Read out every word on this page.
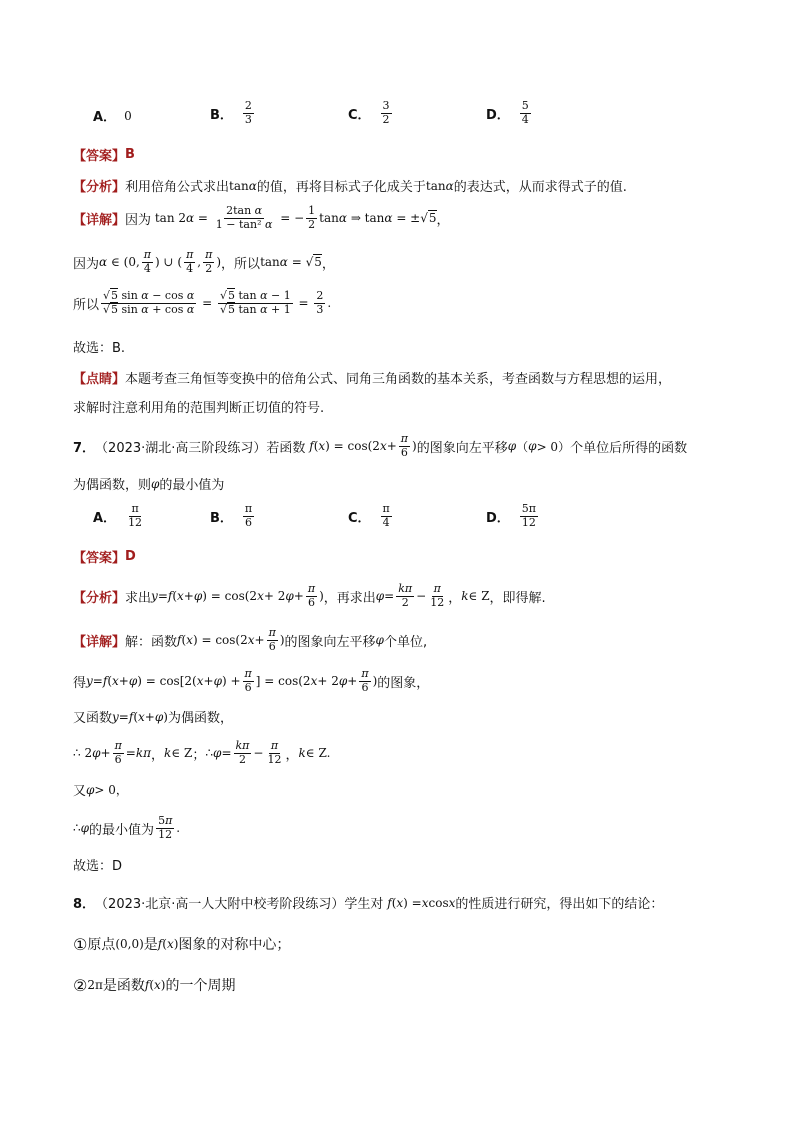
A． 0	B． $\frac{2}{3}$	C． $\frac{3}{2}$	D． $\frac{5}{4}$
【答案】 B
【分析】 利用倍角公式求出 tan α 的值，再将目标式子化成关于 tan α 的表达式，从而求得式子的值.
【详解】 因为 tan 2 $\alpha = \frac{\text{2tan α}}{\text{1 − tan² α}}$ = − $\frac{1}{2}$ tan α ⇒ tan α = ±√5 ，
因为 α ∈ (0, $\frac{\pi}{4}$ ) ∪ ( $\frac{\pi}{4}$ , $\frac{\pi}{2}$ ) ，所以 tan α = √5 ，
所以 $\frac{\text{√5 sin α − cos α}}{\text{√5 sin α + cos α}} = \frac{\text{√5 tan α − 1}}{\text{√5 tan α + 1}} = \frac{2}{3}$ .
故选：B.
【点睛】 本题考查三角恒等变换中的倍角公式、同角三角函数的基本关系，考查函数与方程思想的运用，
求解时注意利用角的范围判断正切值的符号.
7． （2023·湖北·高三阶段练习） 若函数 f ( x ) = cos(2 $x + \frac{\pi}{6}$ ) 的图象向左平移 φ （ φ > 0） 个单位后所得的函数
为偶函数，则 φ 的最小值为
A． $\frac{\pi}{12}$	B． $\frac{\pi}{6}$	C． $\frac{\pi}{4}$	D． $\frac{5\pi}{12}$
【答案】 D
【分析】 求出 y = f ( x + φ ) = cos(2 x + 2 $\varphi + \frac{\pi}{6}$ ) ，再求出 $\varphi = \frac{k\pi}{2} - \frac{\pi}{12}$ ， k ∈ Z ，即得解.
【详解】 解：函数 f ( x ) = cos(2 $x + \frac{\pi}{6}$ ) 的图象向左平移 φ 个单位,
得 y = f ( x + φ ) = cos[2( x + φ ) + $\frac{\pi}{6}$ ] = cos(2 x + 2 $\varphi + \frac{\pi}{6}$ ) 的图象，
又函数 y = f ( x + φ ) 为偶函数，
∴ 2 $\varphi + \frac{\pi}{6} = k\pi$ ， k ∈ Z ； ∴ $\varphi = \frac{k\pi}{2} - \frac{\pi}{12}$ ， k ∈ Z.
又 φ > 0，
∴ φ 的最小值为 $\frac{5\pi}{12}$ .
故选：D
8． （2023·北京·高一人大附中校考阶段练习） 学生对 f ( x ) = x cos x 的性质进行研究，得出如下的结论：
① 原点 (0,0) 是 f ( x ) 图象的对称中心；
② 2π 是函数 f ( x ) 的一个周期
